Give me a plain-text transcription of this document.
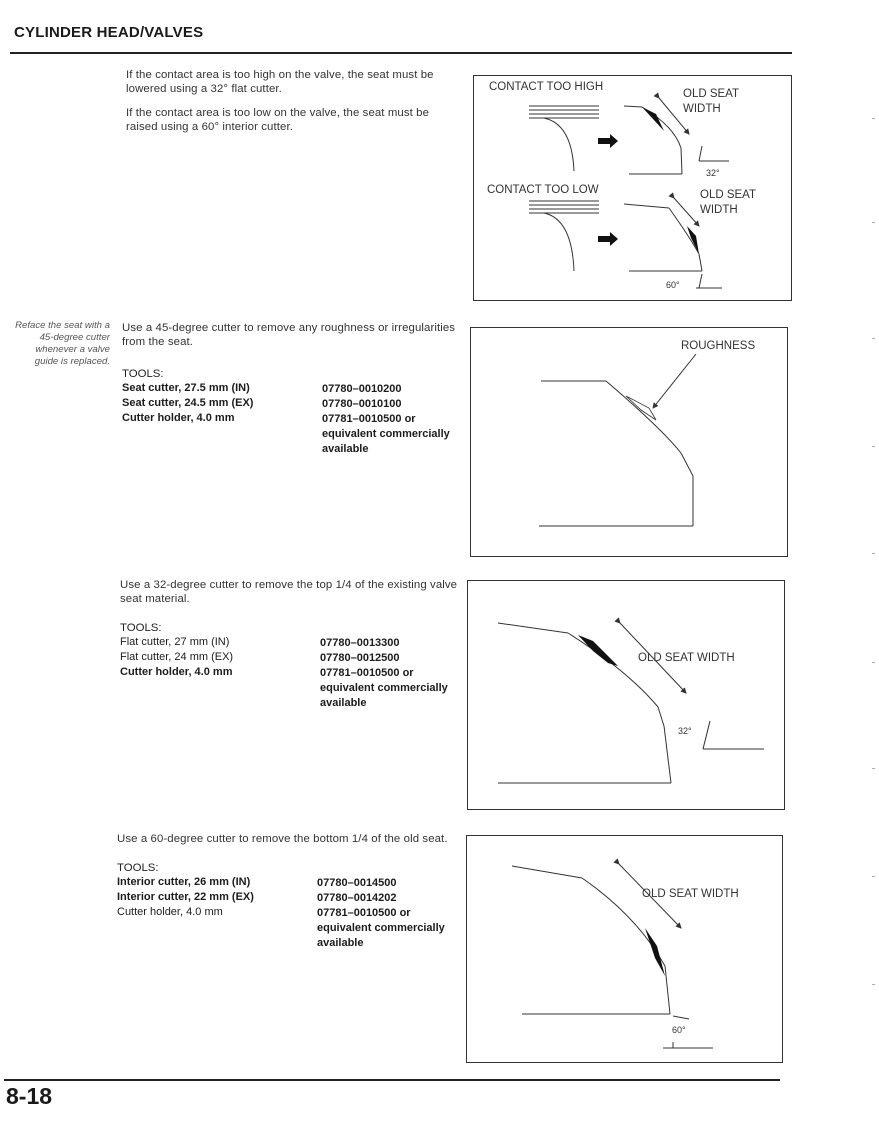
CYLINDER HEAD/VALVES

If the contact area is too high on the valve, the seat must be lowered using a 32° flat cutter.

If the contact area is too low on the valve, the seat must be raised using a 60° interior cutter.

CONTACT TOO HIGH
OLD SEAT WIDTH
32°
CONTACT TOO LOW	OLD SEAT WIDTH
60°

Reface the seat with a 45-degree cutter whenever a valve guide is replaced.

Use a 45-degree cutter to remove any roughness or irregularities from the seat.

TOOLS:

Seat cutter, 27.5 mm (IN)	07780–0010200
Seat cutter, 24.5 mm (EX)	07780–0010100
Cutter holder, 4.0 mm	07781–0010500 or equivalent commercially available
ROUGHNESS

Use a 32-degree cutter to remove the top 1/4 of the existing valve seat material.

TOOLS:

Flat cutter, 27 mm (IN)	07780–0013300
Flat cutter, 24 mm (EX)	07780–0012500
Cutter holder, 4.0 mm	07781–0010500 or equivalent commercially available
OLD SEAT WIDTH
32°

Use a 60-degree cutter to remove the bottom 1/4 of the old seat.

TOOLS:

Interior cutter, 26 mm (IN)	07780–0014500
Interior cutter, 22 mm (EX)	07780–0014202
Cutter holder, 4.0 mm	07781–0010500 or equivalent commercially available
OLD SEAT WIDTH
60°
8-18
